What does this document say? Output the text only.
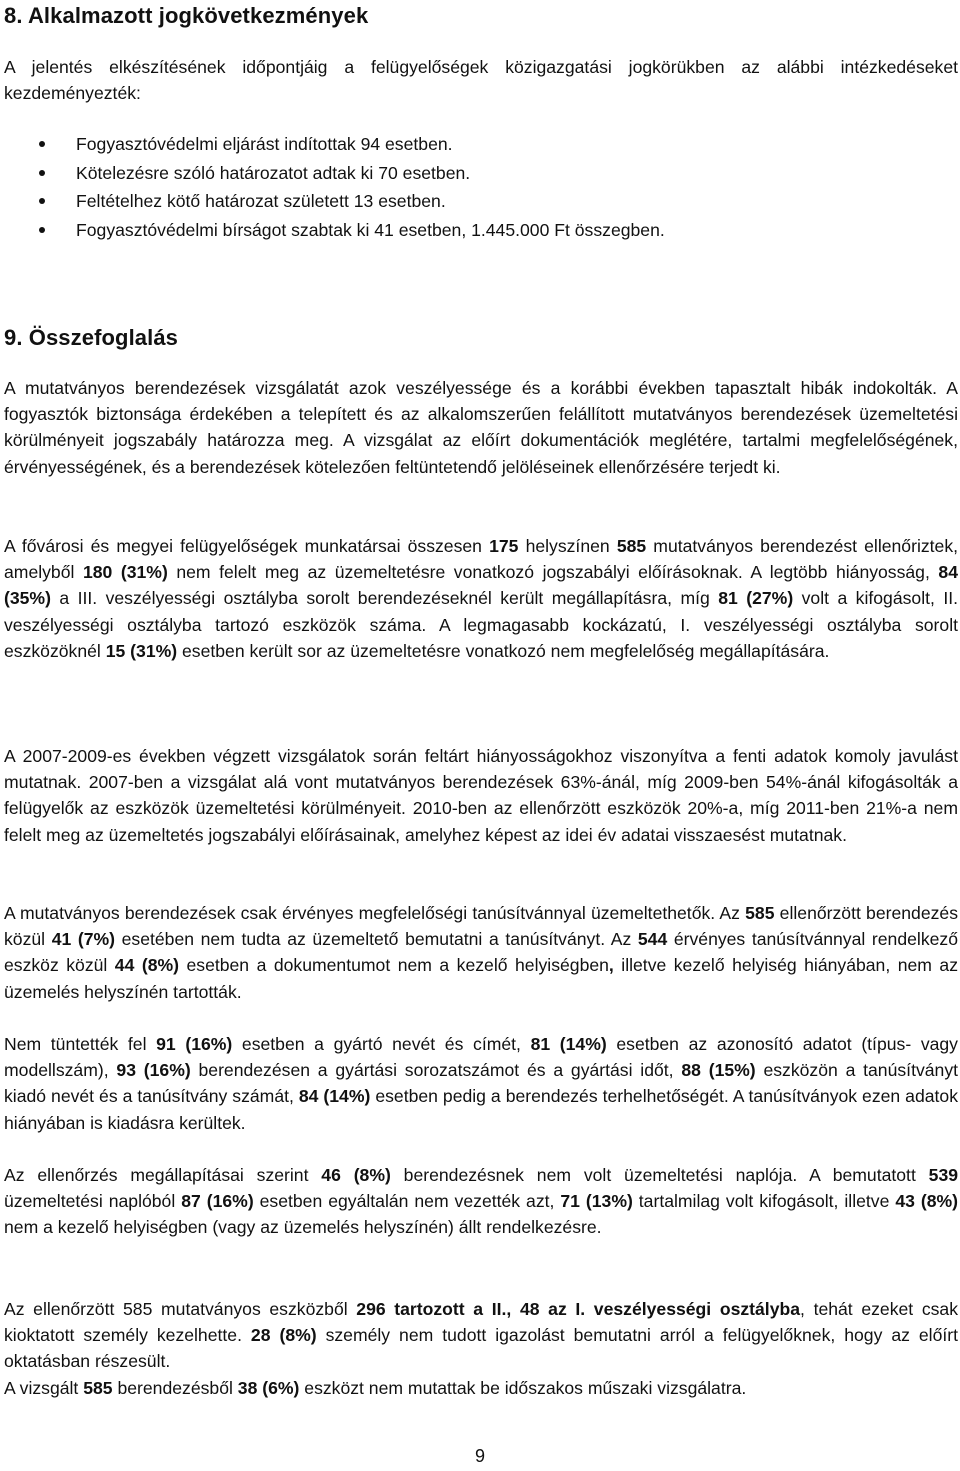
8. Alkalmazott jogkövetkezmények

A jelentés elkészítésének időpontjáig a felügyelőségek közigazgatási jogkörükben az alábbi intézkedéseket kezdeményezték:

Fogyasztóvédelmi eljárást indítottak 94 esetben.
Kötelezésre szóló határozatot adtak ki 70 esetben.
Feltételhez kötő határozat született 13 esetben.
Fogyasztóvédelmi bírságot szabtak ki 41 esetben, 1.445.000 Ft összegben.
9. Összefoglalás

A mutatványos berendezések vizsgálatát azok veszélyessége és a korábbi években tapasztalt hibák indokolták. A fogyasztók biztonsága érdekében a telepített és az alkalomszerűen felállított mutatványos berendezések üzemeltetési körülményeit jogszabály határozza meg. A vizsgálat az előírt dokumentációk meglétére, tartalmi megfelelőségének, érvényességének, és a berendezések kötelezően feltüntetendő jelöléseinek ellenőrzésére terjedt ki.

A fővárosi és megyei felügyelőségek munkatársai összesen 175 helyszínen 585 mutatványos berendezést ellenőriztek, amelyből 180 (31%) nem felelt meg az üzemeltetésre vonatkozó jogszabályi előírásoknak. A legtöbb hiányosság, 84 (35%) a III. veszélyességi osztályba sorolt berendezéseknél került megállapításra, míg 81 (27%) volt a kifogásolt, II. veszélyességi osztályba tartozó eszközök száma. A legmagasabb kockázatú, I. veszélyességi osztályba sorolt eszközöknél 15 (31%) esetben került sor az üzemeltetésre vonatkozó nem megfelelőség megállapítására.

A 2007-2009-es években végzett vizsgálatok során feltárt hiányosságokhoz viszonyítva a fenti adatok komoly javulást mutatnak. 2007-ben a vizsgálat alá vont mutatványos berendezések 63%-ánál, míg 2009-ben 54%-ánál kifogásolták a felügyelők az eszközök üzemeltetési körülményeit. 2010-ben az ellenőrzött eszközök 20%-a, míg 2011-ben 21%-a nem felelt meg az üzemeltetés jogszabályi előírásainak, amelyhez képest az idei év adatai visszaesést mutatnak.

A mutatványos berendezések csak érvényes megfelelőségi tanúsítvánnyal üzemeltethetők. Az 585 ellenőrzött berendezés közül 41 (7%) esetében nem tudta az üzemeltető bemutatni a tanúsítványt. Az 544 érvényes tanúsítvánnyal rendelkező eszköz közül 44 (8%) esetben a dokumentumot nem a kezelő helyiségben, illetve kezelő helyiség hiányában, nem az üzemelés helyszínén tartották.

Nem tüntették fel 91 (16%) esetben a gyártó nevét és címét, 81 (14%) esetben az azonosító adatot (típus- vagy modellszám), 93 (16%) berendezésen a gyártási sorozatszámot és a gyártási időt, 88 (15%) eszközön a tanúsítványt kiadó nevét és a tanúsítvány számát, 84 (14%) esetben pedig a berendezés terhelhetőségét. A tanúsítványok ezen adatok hiányában is kiadásra kerültek.

Az ellenőrzés megállapításai szerint 46 (8%) berendezésnek nem volt üzemeltetési naplója. A bemutatott 539 üzemeltetési naplóból 87 (16%) esetben egyáltalán nem vezették azt, 71 (13%) tartalmilag volt kifogásolt, illetve 43 (8%) nem a kezelő helyiségben (vagy az üzemelés helyszínén) állt rendelkezésre.

Az ellenőrzött 585 mutatványos eszközből 296 tartozott a II., 48 az I. veszélyességi osztályba, tehát ezeket csak kioktatott személy kezelhette. 28 (8%) személy nem tudott igazolást bemutatni arról a felügyelőknek, hogy az előírt oktatásban részesült.

A vizsgált 585 berendezésből 38 (6%) eszközt nem mutattak be időszakos műszaki vizsgálatra.

9
